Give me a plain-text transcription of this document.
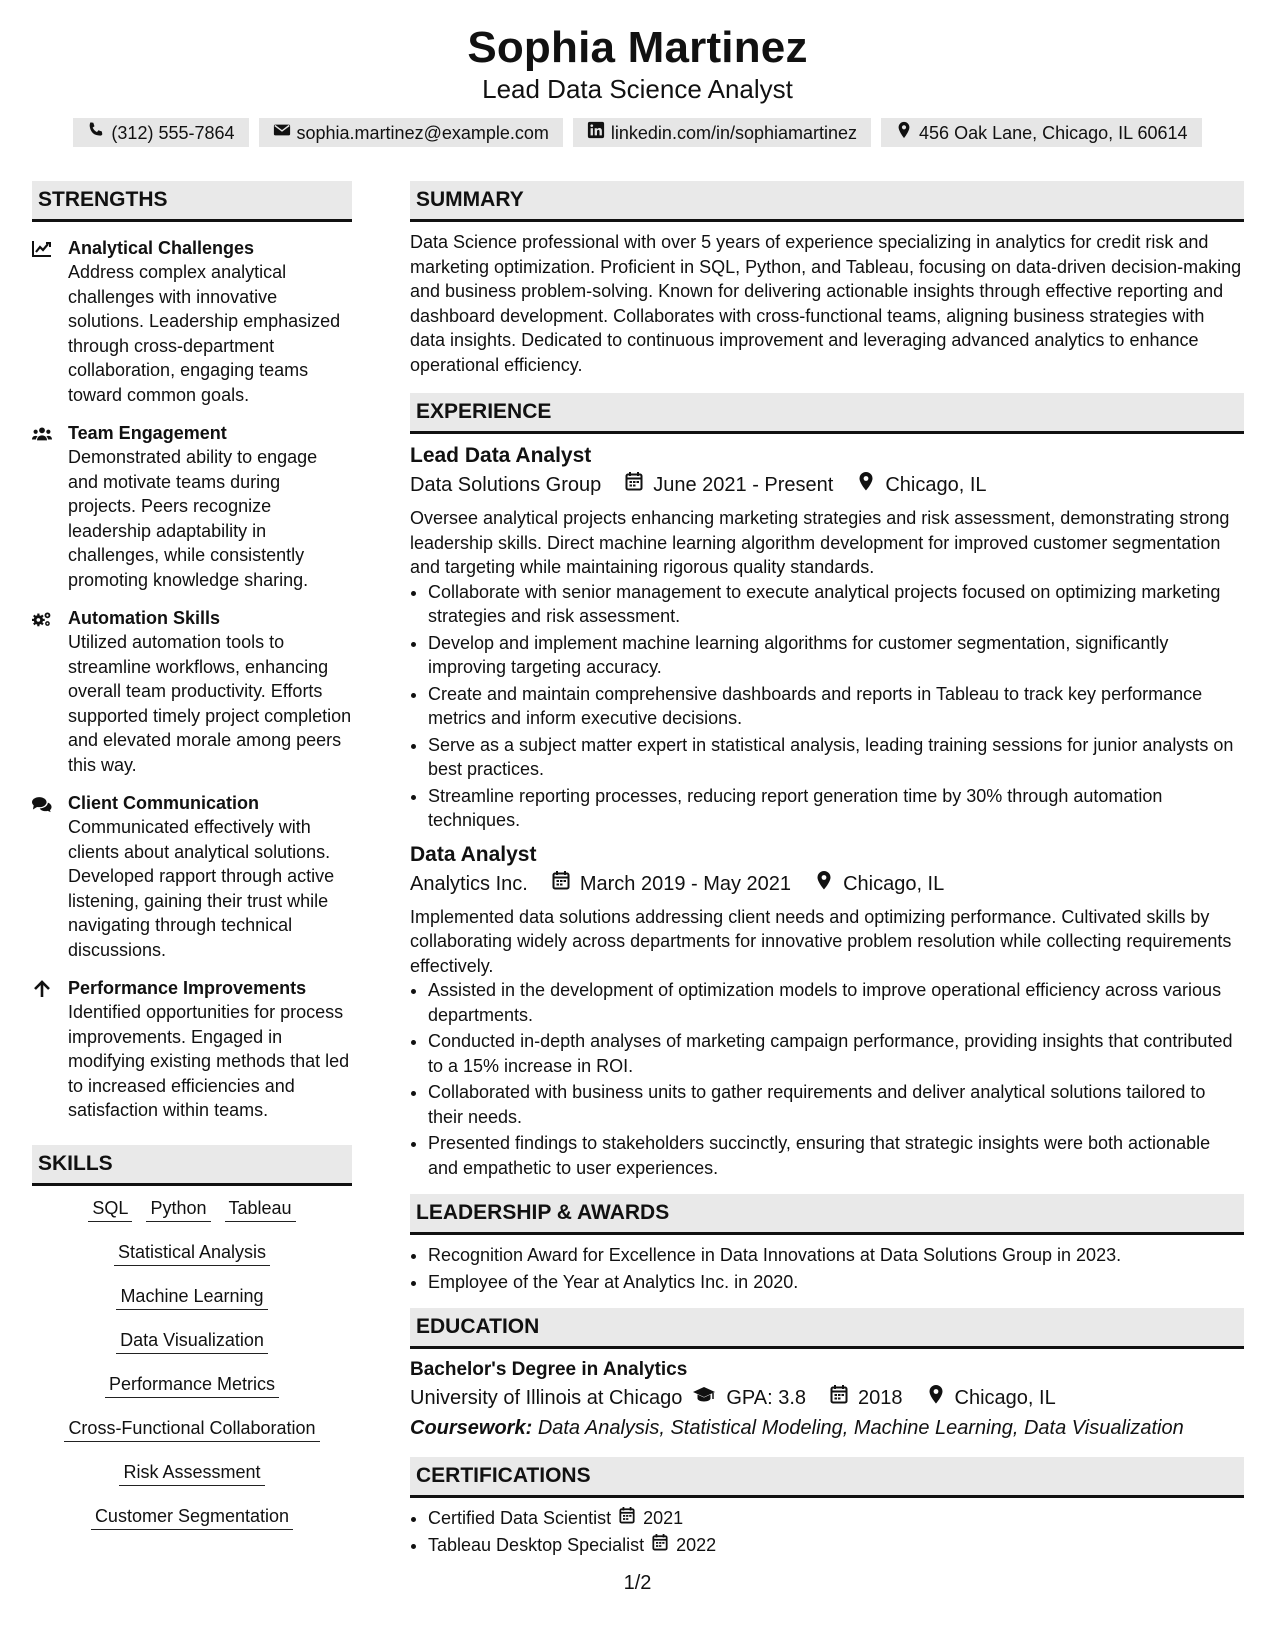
Sophia Martinez
Lead Data Science Analyst
(312) 555-7864	sophia.martinez@example.com	linkedin.com/in/sophiamartinez	456 Oak Lane, Chicago, IL 60614
STRENGTHS
Analytical Challenges

Address complex analytical challenges with innovative solutions. Leadership emphasized through cross-department collaboration, engaging teams toward common goals.

Team Engagement

Demonstrated ability to engage and motivate teams during projects. Peers recognize leadership adaptability in challenges, while consistently promoting knowledge sharing.

Automation Skills

Utilized automation tools to streamline workflows, enhancing overall team productivity. Efforts supported timely project completion and elevated morale among peers this way.

Client Communication

Communicated effectively with clients about analytical solutions. Developed rapport through active listening, gaining their trust while navigating through technical discussions.

Performance Improvements

Identified opportunities for process improvements. Engaged in modifying existing methods that led to increased efficiencies and satisfaction within teams.

SKILLS
SQL Python Tableau
Statistical Analysis
Machine Learning
Data Visualization
Performance Metrics
Cross-Functional Collaboration
Risk Assessment
Customer Segmentation
SUMMARY
Data Science professional with over 5 years of experience specializing in analytics for credit risk and marketing optimization. Proficient in SQL, Python, and Tableau, focusing on data-driven decision-making and business problem-solving. Known for delivering actionable insights through effective reporting and dashboard development. Collaborates with cross-functional teams, aligning business strategies with data insights. Dedicated to continuous improvement and leveraging advanced analytics to enhance operational efficiency.
EXPERIENCE
Lead Data Analyst
Data Solutions Group	June 2021 - Present	Chicago, IL
Oversee analytical projects enhancing marketing strategies and risk assessment, demonstrating strong leadership skills. Direct machine learning algorithm development for improved customer segmentation and targeting while maintaining rigorous quality standards.
• Collaborate with senior management to execute analytical projects focused on optimizing marketing strategies and risk assessment.
• Develop and implement machine learning algorithms for customer segmentation, significantly improving targeting accuracy.
• Create and maintain comprehensive dashboards and reports in Tableau to track key performance metrics and inform executive decisions.
• Serve as a subject matter expert in statistical analysis, leading training sessions for junior analysts on best practices.
• Streamline reporting processes, reducing report generation time by 30% through automation techniques.
Data Analyst
Analytics Inc.	March 2019 - May 2021	Chicago, IL
Implemented data solutions addressing client needs and optimizing performance. Cultivated skills by collaborating widely across departments for innovative problem resolution while collecting requirements effectively.
• Assisted in the development of optimization models to improve operational efficiency across various departments.
• Conducted in-depth analyses of marketing campaign performance, providing insights that contributed to a 15% increase in ROI.
• Collaborated with business units to gather requirements and deliver analytical solutions tailored to their needs.
• Presented findings to stakeholders succinctly, ensuring that strategic insights were both actionable and empathetic to user experiences.
LEADERSHIP & AWARDS
• Recognition Award for Excellence in Data Innovations at Data Solutions Group in 2023.
• Employee of the Year at Analytics Inc. in 2020.
EDUCATION
Bachelor's Degree in Analytics
University of Illinois at Chicago GPA: 3.8	2018	Chicago, IL
Coursework: Data Analysis, Statistical Modeling, Machine Learning, Data Visualization
CERTIFICATIONS
• Certified Data Scientist 2021
• Tableau Desktop Specialist 2022
1/2
